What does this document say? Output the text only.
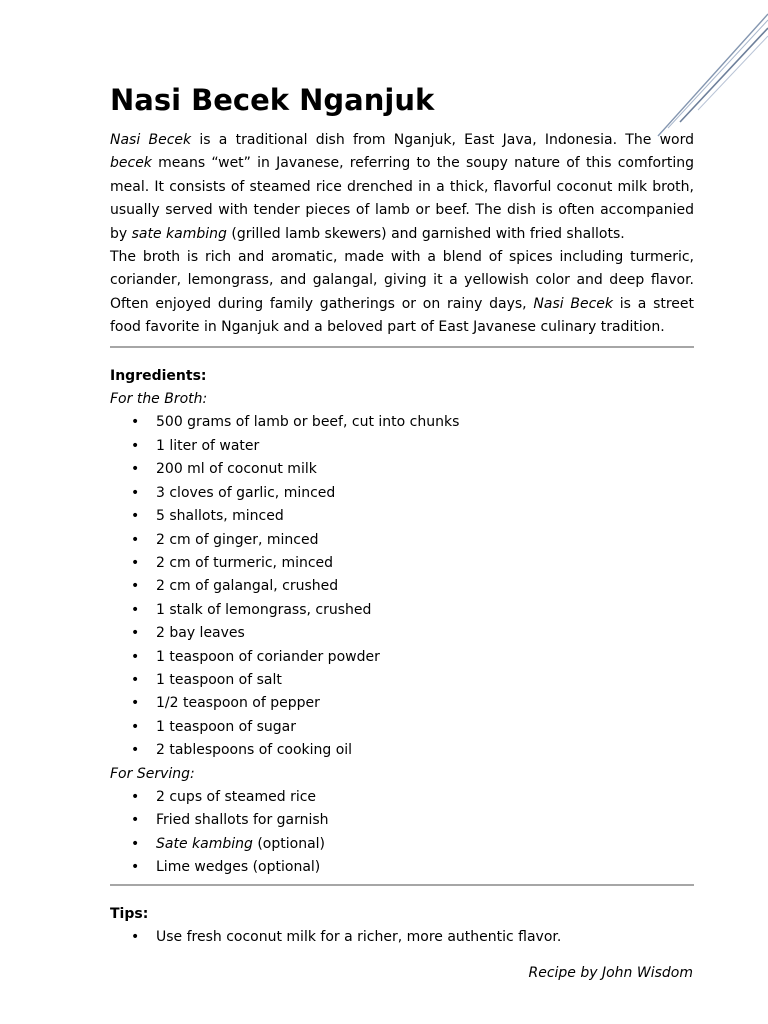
Nasi Becek Nganjuk

Nasi Becek is a traditional dish from Nganjuk, East Java, Indonesia. The word becek means “wet” in Javanese, referring to the soupy nature of this comforting meal. It consists of steamed rice drenched in a thick, flavorful coconut milk broth, usually served with tender pieces of lamb or beef. The dish is often accompanied by sate kambing (grilled lamb skewers) and garnished with fried shallots.

The broth is rich and aromatic, made with a blend of spices including turmeric, coriander, lemongrass, and galangal, giving it a yellowish color and deep flavor. Often enjoyed during family gatherings or on rainy days, Nasi Becek is a street food favorite in Nganjuk and a beloved part of East Javanese culinary tradition.

Ingredients:
For the Broth:
• 500 grams of lamb or beef, cut into chunks
• 1 liter of water
• 200 ml of coconut milk
• 3 cloves of garlic, minced
• 5 shallots, minced
• 2 cm of ginger, minced
• 2 cm of turmeric, minced
• 2 cm of galangal, crushed
• 1 stalk of lemongrass, crushed
• 2 bay leaves
• 1 teaspoon of coriander powder
• 1 teaspoon of salt
• 1/2 teaspoon of pepper
• 1 teaspoon of sugar
• 2 tablespoons of cooking oil
For Serving:
• 2 cups of steamed rice
• Fried shallots for garnish
• Sate kambing (optional)
• Lime wedges (optional)
Tips:
• Use fresh coconut milk for a richer, more authentic flavor.
Recipe by John Wisdom
